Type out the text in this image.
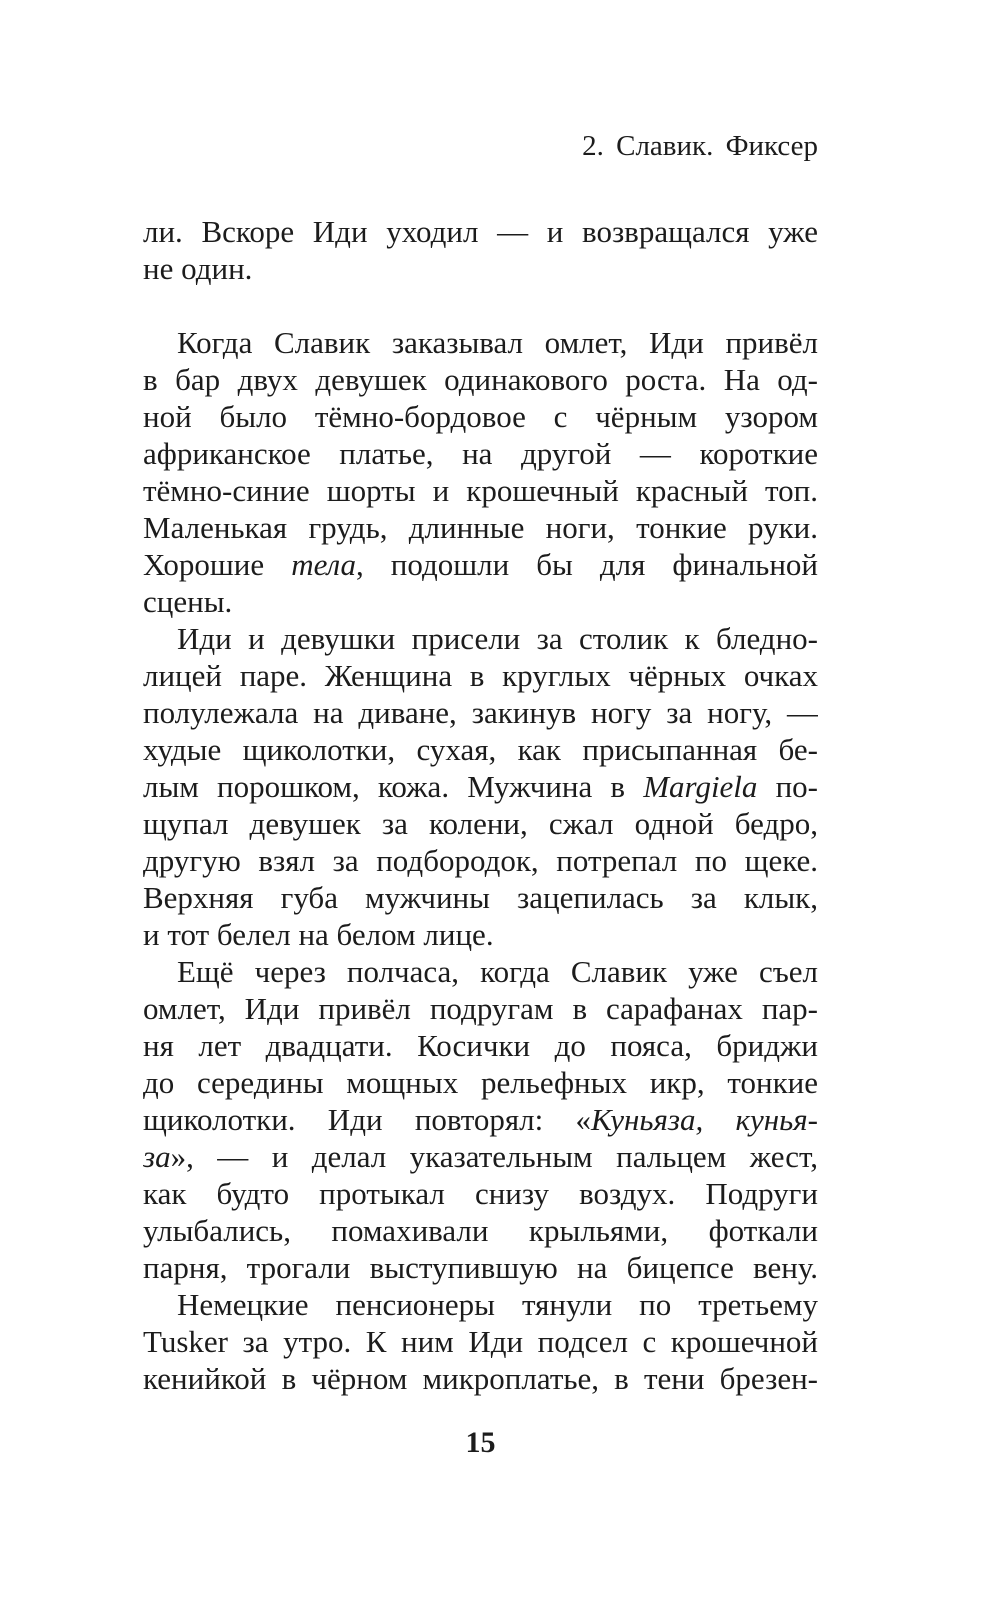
2. Славик. Фиксер
ли. Вскоре Иди уходил — и возвращался уже
не один.
Когда Славик заказывал омлет, Иди привёл
в бар двух девушек одинакового роста. На од-
ной было тёмно-бордовое с чёрным узором
африканское платье, на другой — короткие
тёмно-синие шорты и крошечный красный топ.
Маленькая грудь, длинные ноги, тонкие руки.
Хорошие тела, подошли бы для финальной
сцены.
Иди и девушки присели за столик к бледно-
лицей паре. Женщина в круглых чёрных очках
полулежала на диване, закинув ногу за ногу, —
худые щиколотки, сухая, как присыпанная бе-
лым порошком, кожа. Мужчина в Margiela по-
щупал девушек за колени, сжал одной бедро,
другую взял за подбородок, потрепал по щеке.
Верхняя губа мужчины зацепилась за клык,
и тот белел на белом лице.
Ещё через полчаса, когда Славик уже съел
омлет, Иди привёл подругам в сарафанах пар-
ня лет двадцати. Косички до пояса, бриджи
до середины мощных рельефных икр, тонкие
щиколотки. Иди повторял: «Куньяза, кунья-
за», — и делал указательным пальцем жест,
как будто протыкал снизу воздух. Подруги
улыбались, помахивали крыльями, фоткали
парня, трогали выступившую на бицепсе вену.
Немецкие пенсионеры тянули по третьему
Tusker за утро. К ним Иди подсел с крошечной
кенийкой в чёрном микроплатье, в тени брезен-
15
